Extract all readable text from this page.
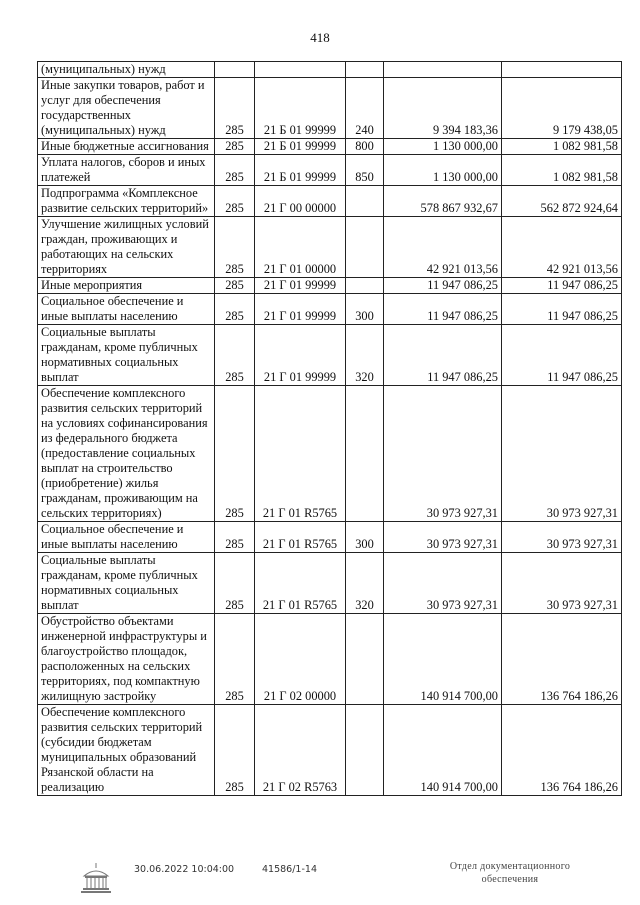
418
(муниципальных) нужд					
Иные закупки товаров, работ и услуг для обеспечения государственных (муниципальных) нужд	285	21 Б 01 99999	240	9 394 183,36	9 179 438,05
Иные бюджетные ассигнования	285	21 Б 01 99999	800	1 130 000,00	1 082 981,58
Уплата налогов, сборов и иных платежей	285	21 Б 01 99999	850	1 130 000,00	1 082 981,58
Подпрограмма «Комплексное развитие сельских территорий»	285	21 Г 00 00000		578 867 932,67	562 872 924,64
Улучшение жилищных условий граждан, проживающих и работающих на сельских территориях	285	21 Г 01 00000		42 921 013,56	42 921 013,56
Иные мероприятия	285	21 Г 01 99999		11 947 086,25	11 947 086,25
Социальное обеспечение и иные выплаты населению	285	21 Г 01 99999	300	11 947 086,25	11 947 086,25
Социальные выплаты гражданам, кроме публичных нормативных социальных выплат	285	21 Г 01 99999	320	11 947 086,25	11 947 086,25
Обеспечение комплексного развития сельских территорий на условиях софинансирования из федерального бюджета (предоставление социальных выплат на строительство (приобретение) жилья гражданам, проживающим на сельских территориях)	285	21 Г 01 R5765		30 973 927,31	30 973 927,31
Социальное обеспечение и иные выплаты населению	285	21 Г 01 R5765	300	30 973 927,31	30 973 927,31
Социальные выплаты гражданам, кроме публичных нормативных социальных выплат	285	21 Г 01 R5765	320	30 973 927,31	30 973 927,31
Обустройство объектами инженерной инфраструктуры и благоустройство площадок, расположенных на сельских территориях, под компактную жилищную застройку	285	21 Г 02 00000		140 914 700,00	136 764 186,26
Обеспечение комплексного развития сельских территорий (субсидии бюджетам муниципальных образований Рязанской области на реализацию	285	21 Г 02 R5763		140 914 700,00	136 764 186,26
30.06.2022 10:04:00	41586/1-14	Отдел документационного обеспечения
